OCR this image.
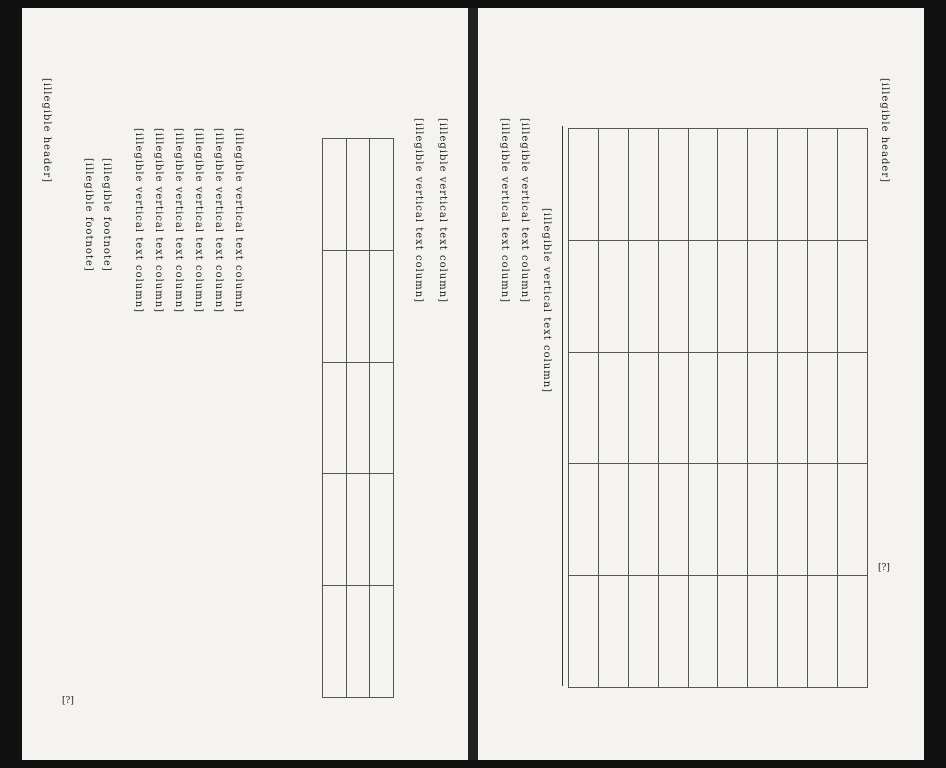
[illegible header]
[?]
[illegible footnote] [illegible footnote] [illegible vertical text column] [illegible vertical text column] [illegible vertical text column] [illegible vertical text column] [illegible vertical text column] [illegible vertical text column]

			[illegible vertical text column] [illegible vertical text column]	[illegible vertical text column] [illegible vertical text column] [illegible vertical text column]

[illegible header]
[?]
